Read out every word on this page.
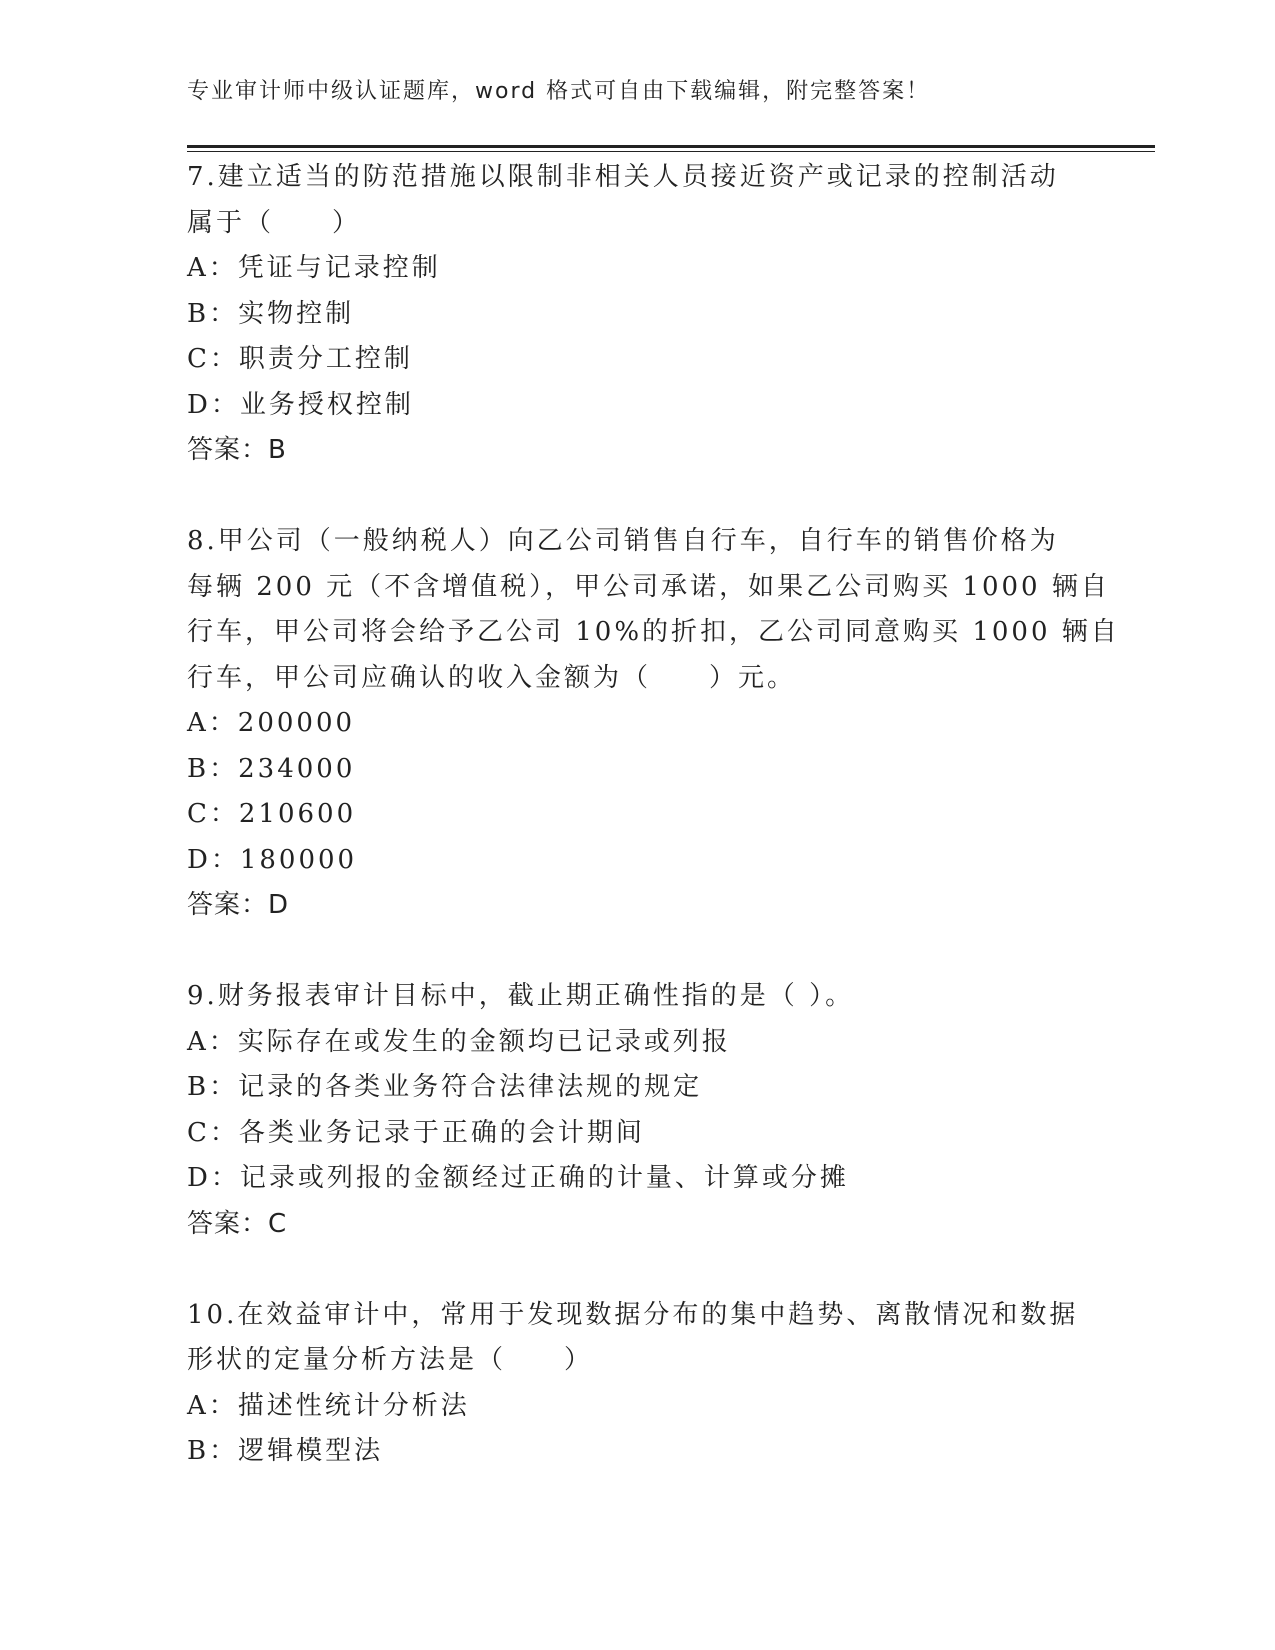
专业审计师中级认证题库，word 格式可自由下载编辑，附完整答案！
7.建立适当的防范措施以限制非相关人员接近资产或记录的控制活动
属于（　　）
A：凭证与记录控制
B：实物控制
C：职责分工控制
D：业务授权控制
答案：B
8.甲公司（一般纳税人）向乙公司销售自行车，自行车的销售价格为
每辆 200 元（不含增值税），甲公司承诺，如果乙公司购买 1000 辆自
行车，甲公司将会给予乙公司 10%的折扣，乙公司同意购买 1000 辆自
行车，甲公司应确认的收入金额为（　　）元。
A：200000
B：234000
C：210600
D：180000
答案：D
9.财务报表审计目标中，截止期正确性指的是（ ）。
A：实际存在或发生的金额均已记录或列报
B：记录的各类业务符合法律法规的规定
C：各类业务记录于正确的会计期间
D：记录或列报的金额经过正确的计量、计算或分摊
答案：C
10.在效益审计中，常用于发现数据分布的集中趋势、离散情况和数据
形状的定量分析方法是（　　）
A：描述性统计分析法
B：逻辑模型法
